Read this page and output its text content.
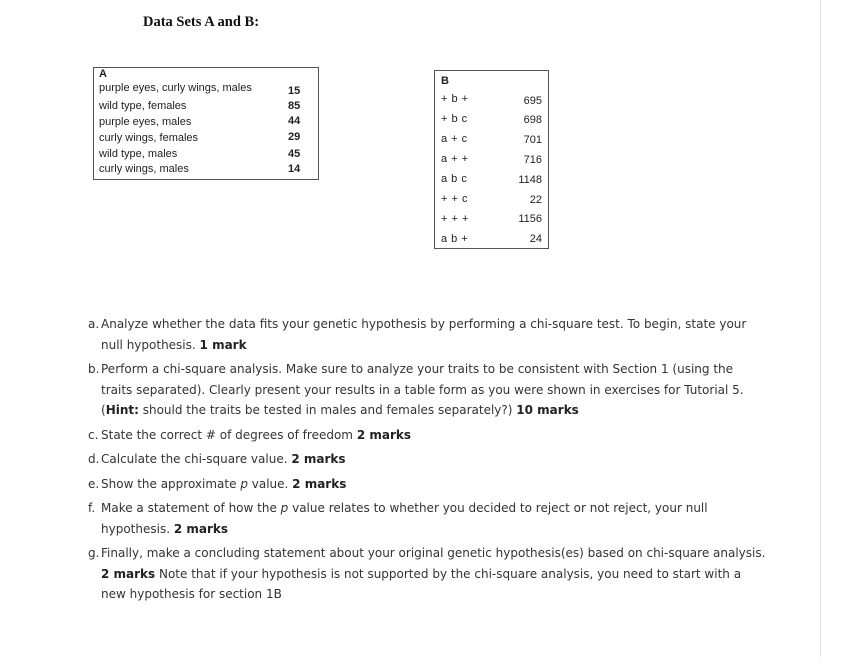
Data Sets A and B:
A
purple eyes, curly wings, males	15
wild type, females	85
purple eyes, males	44
curly wings, females	29
wild type, males	45
curly wings, males	14
B
+ b +	695
+ b c	698
a + c	701
a + +	716
a b c	1148
+ + c	22
+ + +	1156
a b +	24
a. Analyze whether the data fits your genetic hypothesis by performing a chi-square test. To begin, state your null hypothesis. 1 mark
b. Perform a chi-square analysis. Make sure to analyze your traits to be consistent with Section 1 (using the traits separated). Clearly present your results in a table form as you were shown in exercises for Tutorial 5. (Hint: should the traits be tested in males and females separately?) 10 marks
c. State the correct # of degrees of freedom 2 marks
d. Calculate the chi-square value. 2 marks
e. Show the approximate p value. 2 marks
f. Make a statement of how the p value relates to whether you decided to reject or not reject, your null hypothesis. 2 marks
g. Finally, make a concluding statement about your original genetic hypothesis(es) based on chi-square analysis. 2 marks Note that if your hypothesis is not supported by the chi-square analysis, you need to start with a new hypothesis for section 1B
